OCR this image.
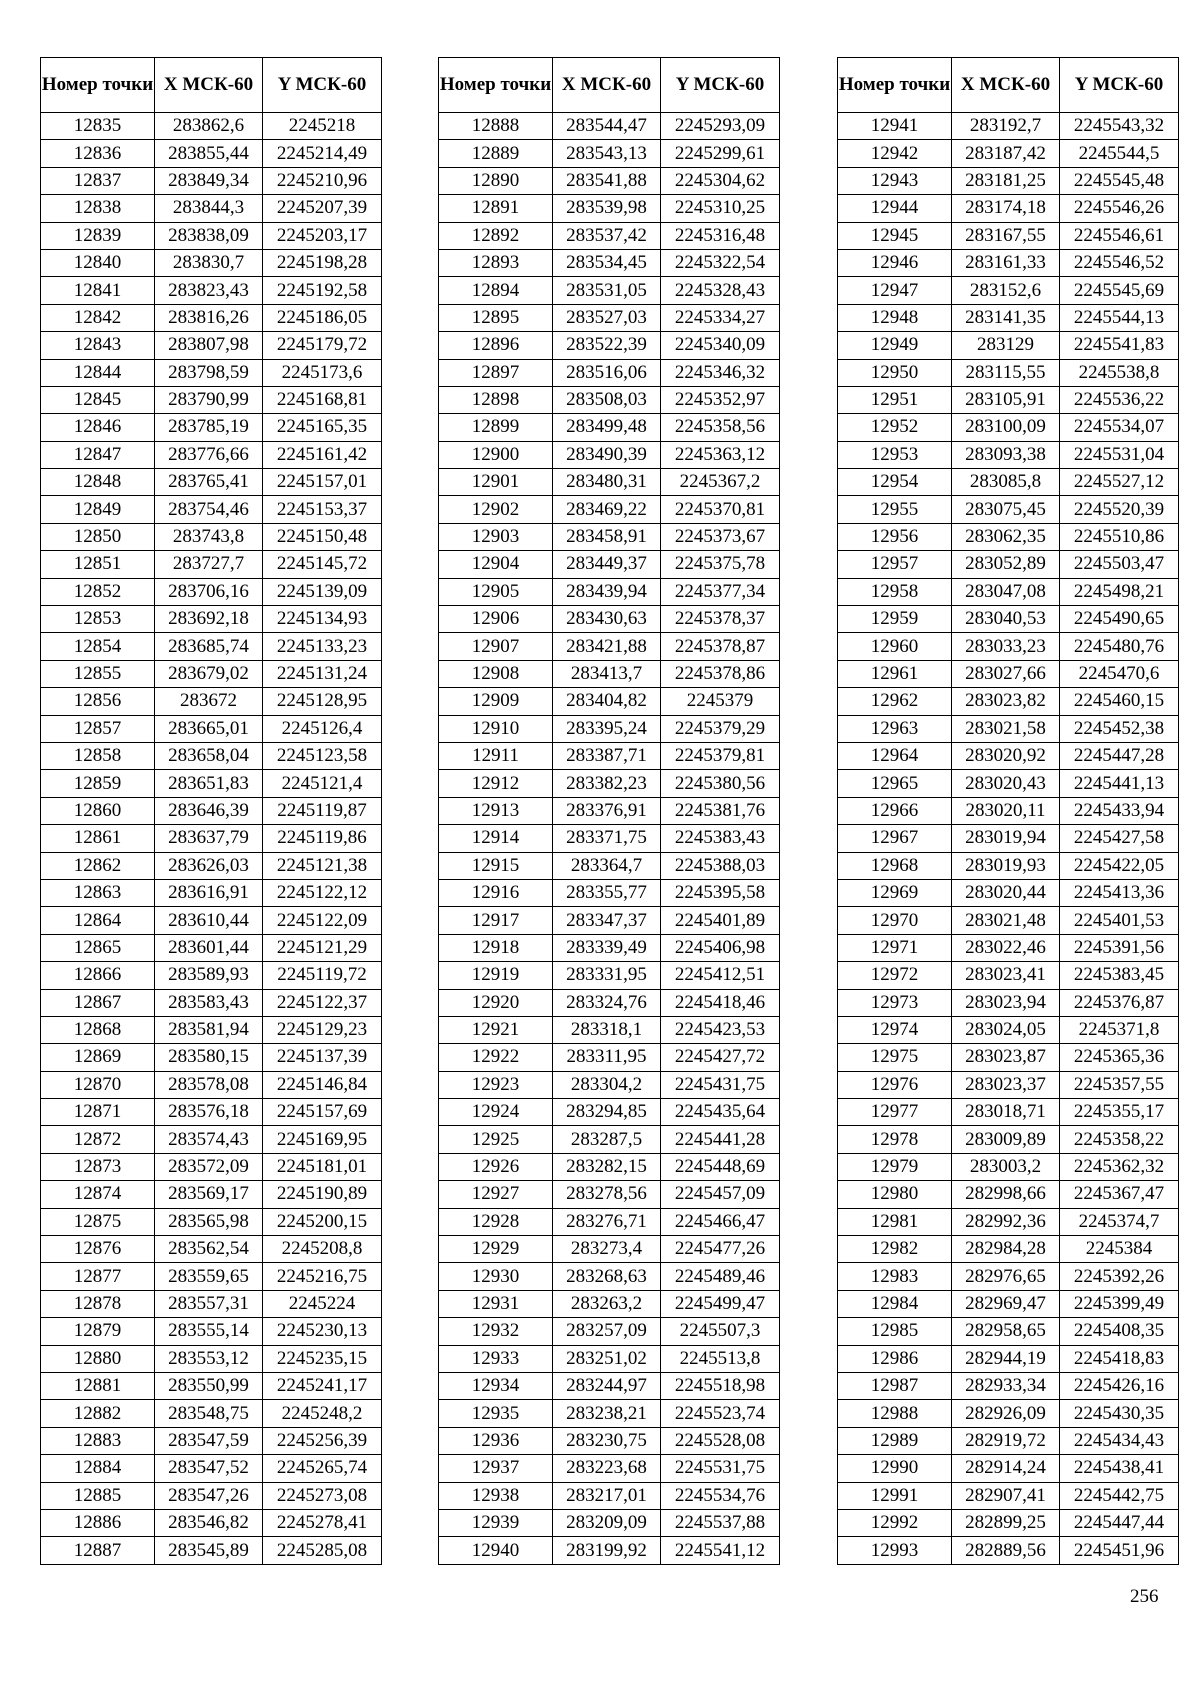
Номер точки	X МСК-60	Y МСК-60
12835	283862,6	2245218
12836	283855,44	2245214,49
12837	283849,34	2245210,96
12838	283844,3	2245207,39
12839	283838,09	2245203,17
12840	283830,7	2245198,28
12841	283823,43	2245192,58
12842	283816,26	2245186,05
12843	283807,98	2245179,72
12844	283798,59	2245173,6
12845	283790,99	2245168,81
12846	283785,19	2245165,35
12847	283776,66	2245161,42
12848	283765,41	2245157,01
12849	283754,46	2245153,37
12850	283743,8	2245150,48
12851	283727,7	2245145,72
12852	283706,16	2245139,09
12853	283692,18	2245134,93
12854	283685,74	2245133,23
12855	283679,02	2245131,24
12856	283672	2245128,95
12857	283665,01	2245126,4
12858	283658,04	2245123,58
12859	283651,83	2245121,4
12860	283646,39	2245119,87
12861	283637,79	2245119,86
12862	283626,03	2245121,38
12863	283616,91	2245122,12
12864	283610,44	2245122,09
12865	283601,44	2245121,29
12866	283589,93	2245119,72
12867	283583,43	2245122,37
12868	283581,94	2245129,23
12869	283580,15	2245137,39
12870	283578,08	2245146,84
12871	283576,18	2245157,69
12872	283574,43	2245169,95
12873	283572,09	2245181,01
12874	283569,17	2245190,89
12875	283565,98	2245200,15
12876	283562,54	2245208,8
12877	283559,65	2245216,75
12878	283557,31	2245224
12879	283555,14	2245230,13
12880	283553,12	2245235,15
12881	283550,99	2245241,17
12882	283548,75	2245248,2
12883	283547,59	2245256,39
12884	283547,52	2245265,74
12885	283547,26	2245273,08
12886	283546,82	2245278,41
12887	283545,89	2245285,08
Номер точки	X МСК-60	Y МСК-60
12888	283544,47	2245293,09
12889	283543,13	2245299,61
12890	283541,88	2245304,62
12891	283539,98	2245310,25
12892	283537,42	2245316,48
12893	283534,45	2245322,54
12894	283531,05	2245328,43
12895	283527,03	2245334,27
12896	283522,39	2245340,09
12897	283516,06	2245346,32
12898	283508,03	2245352,97
12899	283499,48	2245358,56
12900	283490,39	2245363,12
12901	283480,31	2245367,2
12902	283469,22	2245370,81
12903	283458,91	2245373,67
12904	283449,37	2245375,78
12905	283439,94	2245377,34
12906	283430,63	2245378,37
12907	283421,88	2245378,87
12908	283413,7	2245378,86
12909	283404,82	2245379
12910	283395,24	2245379,29
12911	283387,71	2245379,81
12912	283382,23	2245380,56
12913	283376,91	2245381,76
12914	283371,75	2245383,43
12915	283364,7	2245388,03
12916	283355,77	2245395,58
12917	283347,37	2245401,89
12918	283339,49	2245406,98
12919	283331,95	2245412,51
12920	283324,76	2245418,46
12921	283318,1	2245423,53
12922	283311,95	2245427,72
12923	283304,2	2245431,75
12924	283294,85	2245435,64
12925	283287,5	2245441,28
12926	283282,15	2245448,69
12927	283278,56	2245457,09
12928	283276,71	2245466,47
12929	283273,4	2245477,26
12930	283268,63	2245489,46
12931	283263,2	2245499,47
12932	283257,09	2245507,3
12933	283251,02	2245513,8
12934	283244,97	2245518,98
12935	283238,21	2245523,74
12936	283230,75	2245528,08
12937	283223,68	2245531,75
12938	283217,01	2245534,76
12939	283209,09	2245537,88
12940	283199,92	2245541,12
Номер точки	X МСК-60	Y МСК-60
12941	283192,7	2245543,32
12942	283187,42	2245544,5
12943	283181,25	2245545,48
12944	283174,18	2245546,26
12945	283167,55	2245546,61
12946	283161,33	2245546,52
12947	283152,6	2245545,69
12948	283141,35	2245544,13
12949	283129	2245541,83
12950	283115,55	2245538,8
12951	283105,91	2245536,22
12952	283100,09	2245534,07
12953	283093,38	2245531,04
12954	283085,8	2245527,12
12955	283075,45	2245520,39
12956	283062,35	2245510,86
12957	283052,89	2245503,47
12958	283047,08	2245498,21
12959	283040,53	2245490,65
12960	283033,23	2245480,76
12961	283027,66	2245470,6
12962	283023,82	2245460,15
12963	283021,58	2245452,38
12964	283020,92	2245447,28
12965	283020,43	2245441,13
12966	283020,11	2245433,94
12967	283019,94	2245427,58
12968	283019,93	2245422,05
12969	283020,44	2245413,36
12970	283021,48	2245401,53
12971	283022,46	2245391,56
12972	283023,41	2245383,45
12973	283023,94	2245376,87
12974	283024,05	2245371,8
12975	283023,87	2245365,36
12976	283023,37	2245357,55
12977	283018,71	2245355,17
12978	283009,89	2245358,22
12979	283003,2	2245362,32
12980	282998,66	2245367,47
12981	282992,36	2245374,7
12982	282984,28	2245384
12983	282976,65	2245392,26
12984	282969,47	2245399,49
12985	282958,65	2245408,35
12986	282944,19	2245418,83
12987	282933,34	2245426,16
12988	282926,09	2245430,35
12989	282919,72	2245434,43
12990	282914,24	2245438,41
12991	282907,41	2245442,75
12992	282899,25	2245447,44
12993	282889,56	2245451,96
256
